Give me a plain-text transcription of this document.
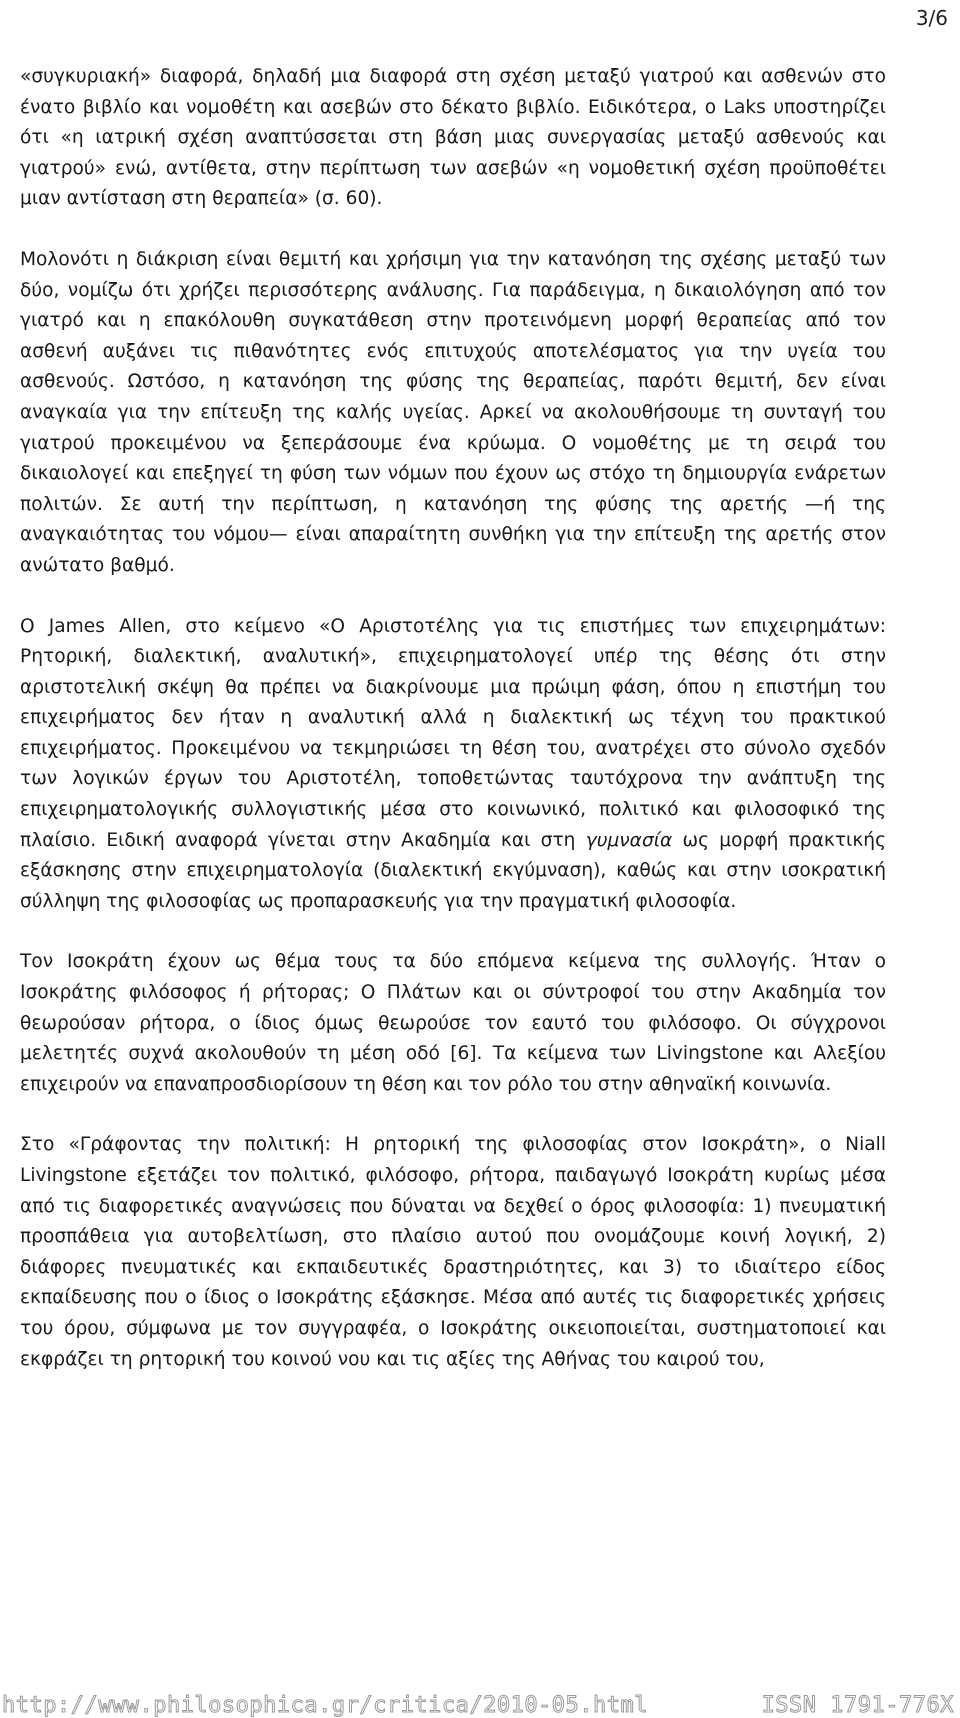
3/6

«συγκυριακή» διαφορά, δηλαδή μια διαφορά στη σχέση μεταξύ γιατρού και ασθενών στο ένατο βιβλίο και νομοθέτη και ασεβών στο δέκατο βιβλίο. Ειδικότερα, ο Laks υποστηρίζει ότι «η ιατρική σχέση αναπτύσσεται στη βάση μιας συνεργασίας μεταξύ ασθενούς και γιατρού» ενώ, αντίθετα, στην περίπτωση των ασεβών «η νομοθετική σχέση προϋποθέτει μιαν αντίσταση στη θεραπεία» (σ. 60).

Μολονότι η διάκριση είναι θεμιτή και χρήσιμη για την κατανόηση της σχέσης μεταξύ των δύο, νομίζω ότι χρήζει περισσότερης ανάλυσης. Για παράδειγμα, η δικαιολόγηση από τον γιατρό και η επακόλουθη συγκατάθεση στην προτεινόμενη μορφή θεραπείας από τον ασθενή αυξάνει τις πιθανότητες ενός επιτυχούς αποτελέσματος για την υγεία του ασθενούς. Ωστόσο, η κατανόηση της φύσης της θεραπείας, παρότι θεμιτή, δεν είναι αναγκαία για την επίτευξη της καλής υγείας. Αρκεί να ακολουθήσουμε τη συνταγή του γιατρού προκειμένου να ξεπεράσουμε ένα κρύωμα. Ο νομοθέτης με τη σειρά του δικαιολογεί και επεξηγεί τη φύση των νόμων που έχουν ως στόχο τη δημιουργία ενάρετων πολιτών. Σε αυτή την περίπτωση, η κατανόηση της φύσης της αρετής —ή της αναγκαιότητας του νόμου— είναι απαραίτητη συνθήκη για την επίτευξη της αρετής στον ανώτατο βαθμό.

Ο James Allen, στο κείμενο «Ο Αριστοτέλης για τις επιστήμες των επιχειρημάτων: Ρητορική, διαλεκτική, αναλυτική», επιχειρηματολογεί υπέρ της θέσης ότι στην αριστοτελική σκέψη θα πρέπει να διακρίνουμε μια πρώιμη φάση, όπου η επιστήμη του επιχειρήματος δεν ήταν η αναλυτική αλλά η διαλεκτική ως τέχνη του πρακτικού επιχειρήματος. Προκειμένου να τεκμηριώσει τη θέση του, ανατρέχει στο σύνολο σχεδόν των λογικών έργων του Αριστοτέλη, τοποθετώντας ταυτόχρονα την ανάπτυξη της επιχειρηματολογικής συλλογιστικής μέσα στο κοινωνικό, πολιτικό και φιλοσοφικό της πλαίσιο. Ειδική αναφορά γίνεται στην Ακαδημία και στη γυμνασία ως μορφή πρακτικής εξάσκησης στην επιχειρηματολογία (διαλεκτική εκγύμναση), καθώς και στην ισοκρατική σύλληψη της φιλοσοφίας ως προπαρασκευής για την πραγματική φιλοσοφία.

Τον Ισοκράτη έχουν ως θέμα τους τα δύο επόμενα κείμενα της συλλογής. Ήταν ο Ισοκράτης φιλόσοφος ή ρήτορας; Ο Πλάτων και οι σύντροφοί του στην Ακαδημία τον θεωρούσαν ρήτορα, ο ίδιος όμως θεωρούσε τον εαυτό του φιλόσοφο. Οι σύγχρονοι μελετητές συχνά ακολουθούν τη μέση οδό [6]. Τα κείμενα των Livingstone και Αλεξίου επιχειρούν να επαναπροσδιορίσουν τη θέση και τον ρόλο του στην αθηναϊκή κοινωνία.

Στο «Γράφοντας την πολιτική: Η ρητορική της φιλοσοφίας στον Ισοκράτη», ο Niall Livingstone εξετάζει τον πολιτικό, φιλόσοφο, ρήτορα, παιδαγωγό Ισοκράτη κυρίως μέσα από τις διαφορετικές αναγνώσεις που δύναται να δεχθεί ο όρος φιλοσοφία: 1) πνευματική προσπάθεια για αυτοβελτίωση, στο πλαίσιο αυτού που ονομάζουμε κοινή λογική, 2) διάφορες πνευματικές και εκπαιδευτικές δραστηριότητες, και 3) το ιδιαίτερο είδος εκπαίδευσης που ο ίδιος ο Ισοκράτης εξάσκησε. Μέσα από αυτές τις διαφορετικές χρήσεις του όρου, σύμφωνα με τον συγγραφέα, ο Ισοκράτης οικειοποιείται, συστηματοποιεί και εκφράζει τη ρητορική του κοινού νου και τις αξίες της Αθήνας του καιρού του,

http://www.philosophica.gr/critica/2010-05.html	ISSN 1791-776X
